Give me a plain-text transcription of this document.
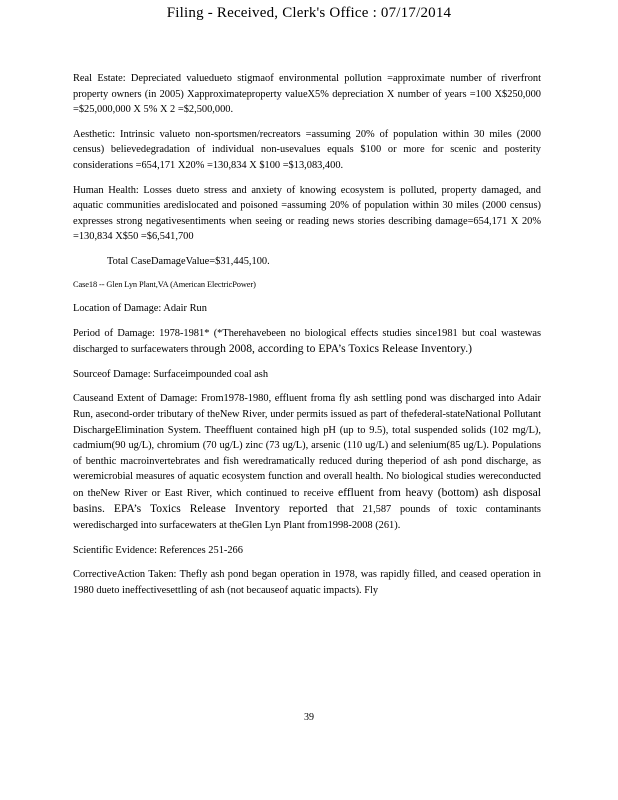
Filing - Received, Clerk's Office : 07/17/2014

Real Estate: Depreciated valuedueto stigmaof environmental pollution =approximate number of riverfront property owners (in 2005) Xapproximateproperty valueX5% depreciation X number of years =100 X$250,000 =$25,000,000 X 5% X 2 =$2,500,000.

Aesthetic: Intrinsic valueto non-sportsmen/recreators =assuming 20% of population within 30 miles (2000 census) believedegradation of individual non-usevalues equals $100 or more for scenic and posterity considerations =654,171 X20% =130,834 X $100 =$13,083,400.

Human Health: Losses dueto stress and anxiety of knowing ecosystem is polluted, property damaged, and aquatic communities aredislocated and poisoned =assuming 20% of population within 30 miles (2000 census) expresses strong negativesentiments when seeing or reading news stories describing damage=654,171 X 20% =130,834 X$50 =$6,541,700

Total CaseDamageValue=$31,445,100.

Case18 -- Glen Lyn Plant,VA (American ElectricPower)

Location of Damage: Adair Run

Period of Damage: 1978-1981* (*Therehavebeen no biological effects studies since1981 but coal wastewas discharged to surfacewaters through 2008, according to EPA’s Toxics Release Inventory.)

Sourceof Damage: Surfaceimpounded coal ash

Causeand Extent of Damage: From1978-1980, effluent froma fly ash settling pond was discharged into Adair Run, asecond-order tributary of theNew River, under permits issued as part of thefederal-stateNational Pollutant DischargeElimination System. Theeffluent contained high pH (up to 9.5), total suspended solids (102 mg/L), cadmium(90 ug/L), chromium (70 ug/L) zinc (73 ug/L), arsenic (110 ug/L) and selenium(85 ug/L). Populations of benthic macroinvertebrates and fish weredramatically reduced during theperiod of ash pond discharge, as weremicrobial measures of aquatic ecosystem function and overall health. No biological studies wereconducted on theNew River or East River, which continued to receive effluent from heavy (bottom) ash disposal basins. EPA’s Toxics Release Inventory reported that 21,587 pounds of toxic contaminants weredischarged into surfacewaters at theGlen Lyn Plant from1998-2008 (261).

Scientific Evidence: References 251-266

CorrectiveAction Taken: Thefly ash pond began operation in 1978, was rapidly filled, and ceased operation in 1980 dueto ineffectivesettling of ash (not becauseof aquatic impacts). Fly

39
